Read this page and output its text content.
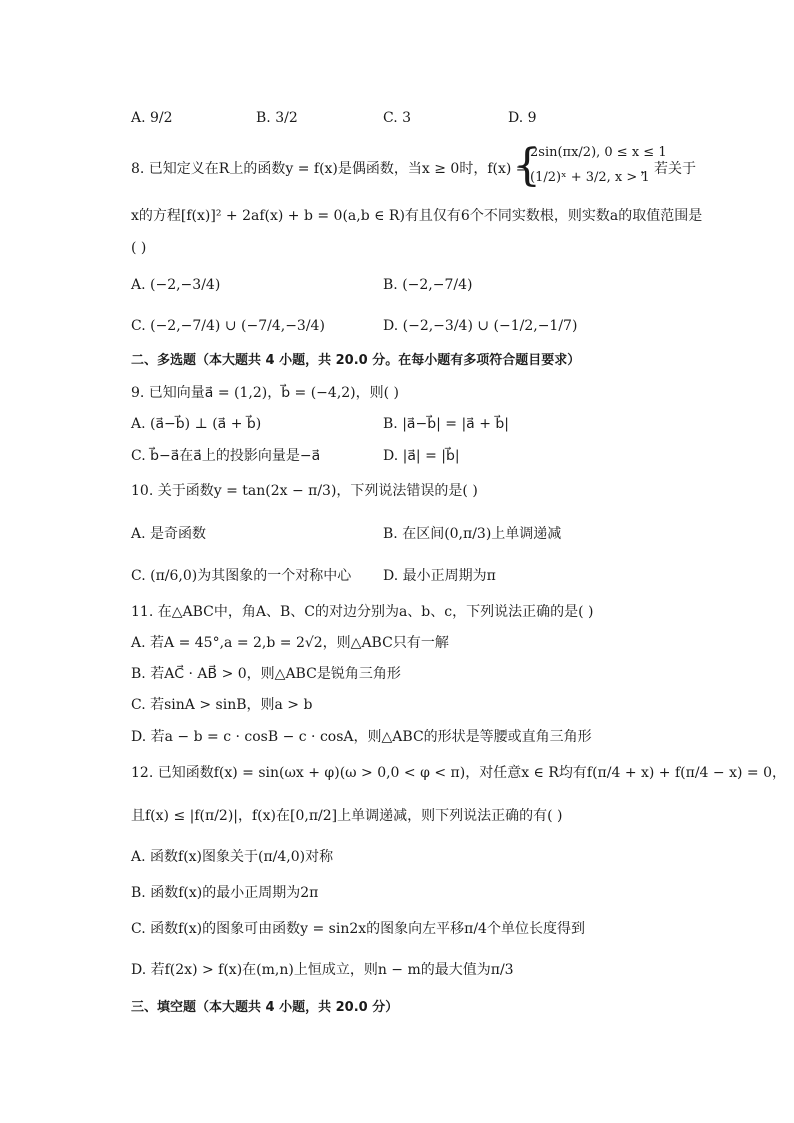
A. 9/2	B. 3/2	C. 3	D. 9
8. 已知定义在R上的函数y = f(x)是偶函数，当x ≥ 0时，f(x) =
{
2sin(πx/2), 0 ≤ x ≤ 1
(1/2)ˣ + 3/2, x > 1
，若关于
x的方程[f(x)]² + 2af(x) + b = 0(a,b ∈ R)有且仅有6个不同实数根，则实数a的取值范围是
( )
A. (−2,−3/4)	B. (−2,−7/4)
C. (−2,−7/4) ∪ (−7/4,−3/4)	D. (−2,−3/4) ∪ (−1/2,−1/7)
二、多选题（本大题共 4 小题，共 20.0 分。在每小题有多项符合题目要求）
9. 已知向量a⃗ = (1,2)，b⃗ = (−4,2)，则( )
A. (a⃗−b⃗) ⊥ (a⃗ + b⃗)	B. |a⃗−b⃗| = |a⃗ + b⃗|
C. b⃗−a⃗在a⃗上的投影向量是−a⃗	D. |a⃗| = |b⃗|
10. 关于函数y = tan(2x − π/3)，下列说法错误的是( )
A. 是奇函数	B. 在区间(0,π/3)上单调递减
C. (π/6,0)为其图象的一个对称中心 D. 最小正周期为π
11. 在△ABC中，角A、B、C的对边分别为a、b、c，下列说法正确的是( )
A. 若A = 45°,a = 2,b = 2√2，则△ABC只有一解
B. 若AC⃗ · AB⃗ > 0，则△ABC是锐角三角形
C. 若sinA > sinB，则a > b
D. 若a − b = c · cosB − c · cosA，则△ABC的形状是等腰或直角三角形
12. 已知函数f(x) = sin(ωx + φ)(ω > 0,0 < φ < π)，对任意x ∈ R均有f(π/4 + x) + f(π/4 − x) = 0，
且f(x) ≤ |f(π/2)|，f(x)在[0,π/2]上单调递减，则下列说法正确的有( )
A. 函数f(x)图象关于(π/4,0)对称
B. 函数f(x)的最小正周期为2π
C. 函数f(x)的图象可由函数y = sin2x的图象向左平移π/4个单位长度得到
D. 若f(2x) > f(x)在(m,n)上恒成立，则n − m的最大值为π/3
三、填空题（本大题共 4 小题，共 20.0 分）
